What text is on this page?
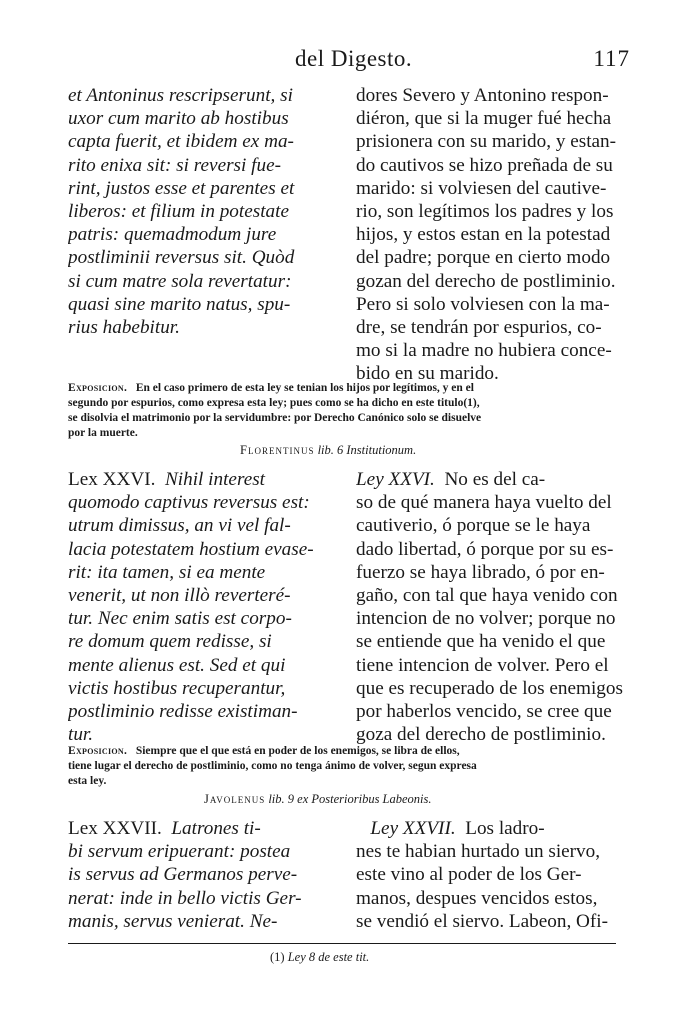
del Digesto.	117
et Antoninus rescripserunt, si
uxor cum marito ab hostibus
capta fuerit, et ibidem ex ma-
rito enixa sit: si reversi fue-
rint, justos esse et parentes et
liberos: et filium in potestate
patris: quemadmodum jure
postliminii reversus sit. Quòd
si cum matre sola revertatur:
quasi sine marito natus, spu-
rius habebitur.
dores Severo y Antonino respon-
diéron, que si la muger fué hecha
prisionera con su marido, y estan-
do cautivos se hizo preñada de su
marido: si volviesen del cautive-
rio, son legítimos los padres y los
hijos, y estos estan en la potestad
del padre; porque en cierto modo
gozan del derecho de postliminio.
Pero si solo volviesen con la ma-
dre, se tendrán por espurios, co-
mo si la madre no hubiera conce-
bido en su marido.
Exposicion. En el caso primero de esta ley se tenian los hijos por legítimos, y en el
segundo por espurios, como expresa esta ley; pues como se ha dicho en este titulo(1),
se disolvia el matrimonio por la servidumbre: por Derecho Canónico solo se disuelve
por la muerte.
Florentinus lib. 6 Institutionum.
Lex XXVI. Nihil interest
quomodo captivus reversus est:
utrum dimissus, an vi vel fal-
lacia potestatem hostium evase-
rit: ita tamen, si ea mente
venerit, ut non illò reverteré-
tur. Nec enim satis est corpo-
re domum quem redisse, si
mente alienus est. Sed et qui
victis hostibus recuperantur,
postliminio redisse existiman-
tur.
Ley XXVI. No es del ca-
so de qué manera haya vuelto del
cautiverio, ó porque se le haya
dado libertad, ó porque por su es-
fuerzo se haya librado, ó por en-
gaño, con tal que haya venido con
intencion de no volver; porque no
se entiende que ha venido el que
tiene intencion de volver. Pero el
que es recuperado de los enemigos
por haberlos vencido, se cree que
goza del derecho de postliminio.
Exposicion. Siempre que el que está en poder de los enemigos, se libra de ellos,
tiene lugar el derecho de postliminio, como no tenga ánimo de volver, segun expresa
esta ley.
Javolenus lib. 9 ex Posterioribus Labeonis.
Lex XXVII. Latrones ti-
bi servum eripuerant: postea
is servus ad Germanos perve-
nerat: inde in bello victis Ger-
manis, servus venierat. Ne-
Ley XXVII. Los ladro-
nes te habian hurtado un siervo,
este vino al poder de los Ger-
manos, despues vencidos estos,
se vendió el siervo. Labeon, Ofi-
(1) Ley 8 de este tit.
